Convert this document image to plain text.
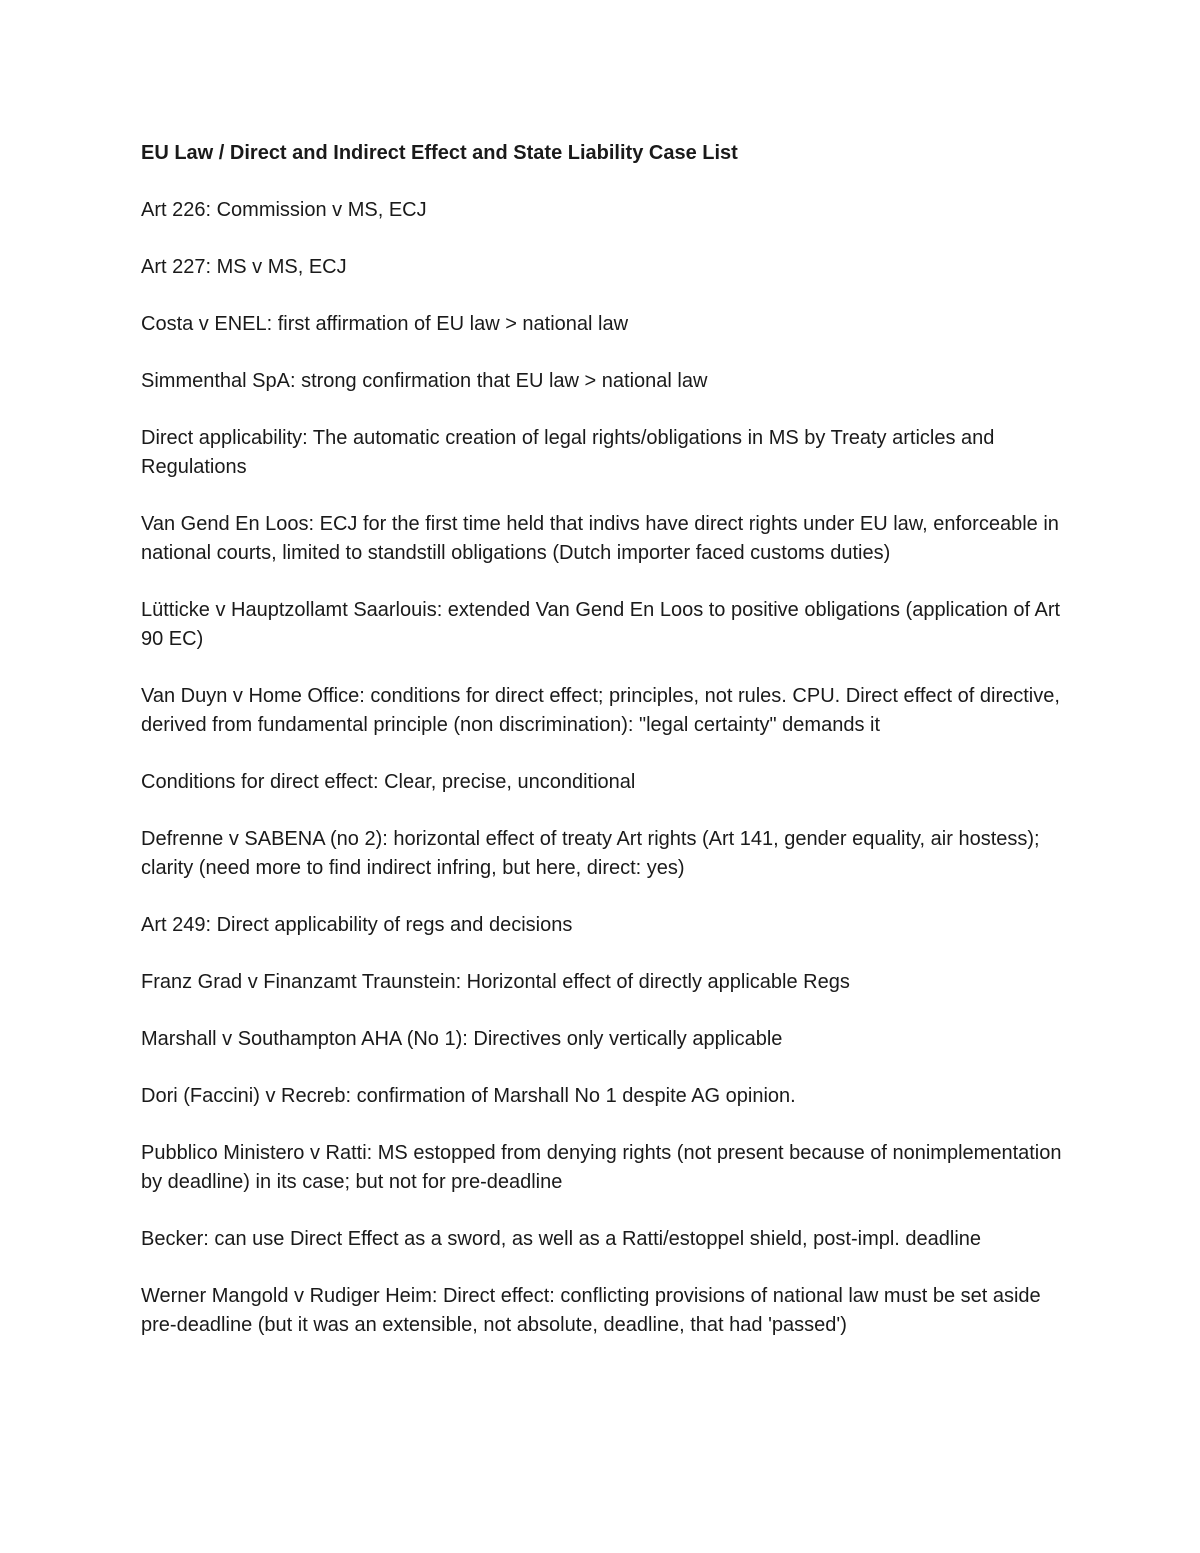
EU Law / Direct and Indirect Effect and State Liability Case List

Art 226: Commission v MS, ECJ

Art 227: MS v MS, ECJ

Costa v ENEL: first affirmation of EU law > national law

Simmenthal SpA: strong confirmation that EU law > national law

Direct applicability: The automatic creation of legal rights/obligations in MS by Treaty articles and Regulations

Van Gend En Loos: ECJ for the first time held that indivs have direct rights under EU law, enforceable in national courts, limited to standstill obligations (Dutch importer faced customs duties)

Lütticke v Hauptzollamt Saarlouis: extended Van Gend En Loos to positive obligations (application of Art 90 EC)

Van Duyn v Home Office: conditions for direct effect; principles, not rules. CPU. Direct effect of directive, derived from fundamental principle (non discrimination): "legal certainty" demands it

Conditions for direct effect: Clear, precise, unconditional

Defrenne v SABENA (no 2): horizontal effect of treaty Art rights (Art 141, gender equality, air hostess); clarity (need more to find indirect infring, but here, direct: yes)

Art 249: Direct applicability of regs and decisions

Franz Grad v Finanzamt Traunstein: Horizontal effect of directly applicable Regs

Marshall v Southampton AHA (No 1): Directives only vertically applicable

Dori (Faccini) v Recreb: confirmation of Marshall No 1 despite AG opinion.

Pubblico Ministero v Ratti: MS estopped from denying rights (not present because of nonimplementation by deadline) in its case; but not for pre-deadline

Becker: can use Direct Effect as a sword, as well as a Ratti/estoppel shield, post-impl. deadline

Werner Mangold v Rudiger Heim: Direct effect: conflicting provisions of national law must be set aside pre-deadline (but it was an extensible, not absolute, deadline, that had 'passed')
